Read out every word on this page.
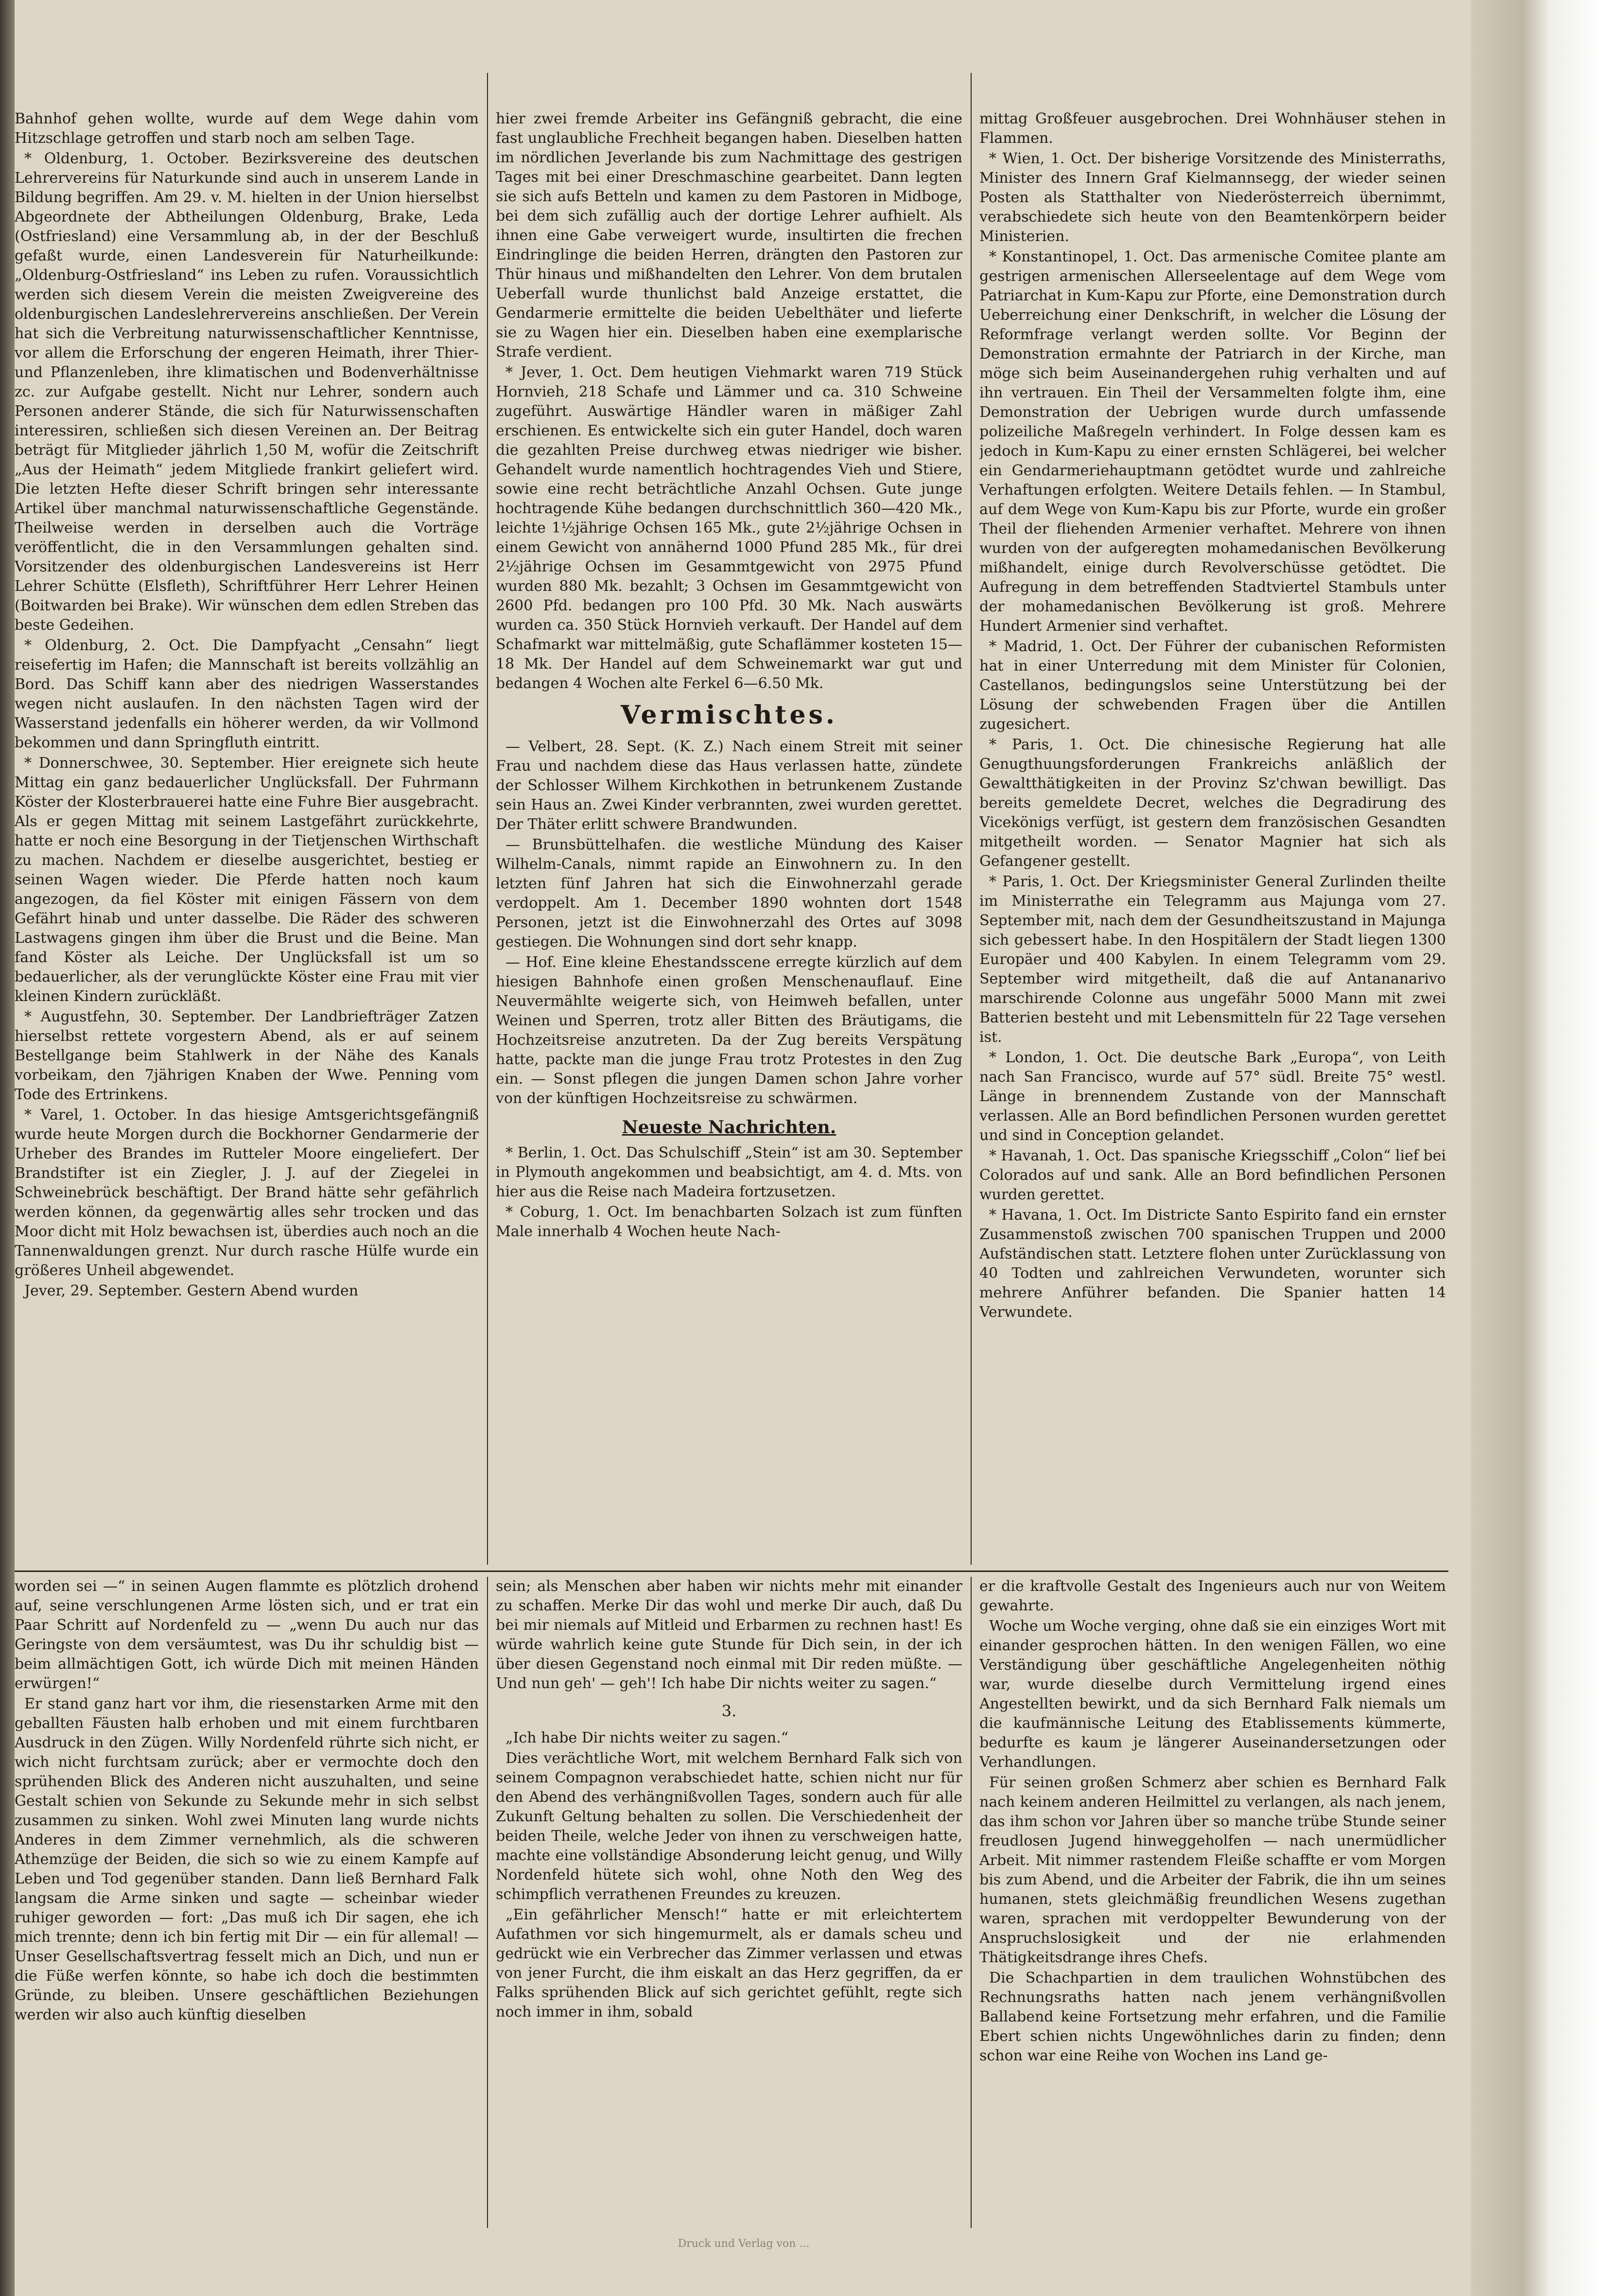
Bahnhof gehen wollte, wurde auf dem Wege dahin vom Hitzschlage getroffen und starb noch am selben Tage.

* Oldenburg, 1. October. Bezirksvereine des deutschen Lehrervereins für Naturkunde sind auch in unserem Lande in Bildung begriffen. Am 29. v. M. hielten in der Union hierselbst Abgeordnete der Abtheilungen Oldenburg, Brake, Leda (Ostfriesland) eine Versammlung ab, in der der Beschluß gefaßt wurde, einen Landesverein für Naturheilkunde: „Oldenburg-Ostfriesland“ ins Leben zu rufen. Voraussichtlich werden sich diesem Verein die meisten Zweigvereine des oldenburgischen Landeslehrervereins anschließen. Der Verein hat sich die Verbreitung naturwissenschaftlicher Kenntnisse, vor allem die Erforschung der engeren Heimath, ihrer Thier- und Pflanzenleben, ihre klimatischen und Bodenverhältnisse zc. zur Aufgabe gestellt. Nicht nur Lehrer, sondern auch Personen anderer Stände, die sich für Naturwissenschaften interessiren, schließen sich diesen Vereinen an. Der Beitrag beträgt für Mitglieder jährlich 1,50 M, wofür die Zeitschrift „Aus der Heimath“ jedem Mitgliede frankirt geliefert wird. Die letzten Hefte dieser Schrift bringen sehr interessante Artikel über manchmal naturwissenschaftliche Gegenstände. Theilweise werden in derselben auch die Vorträge veröffentlicht, die in den Versammlungen gehalten sind. Vorsitzender des oldenburgischen Landesvereins ist Herr Lehrer Schütte (Elsfleth), Schriftführer Herr Lehrer Heinen (Boitwarden bei Brake). Wir wünschen dem edlen Streben das beste Gedeihen.

* Oldenburg, 2. Oct. Die Dampfyacht „Censahn“ liegt reisefertig im Hafen; die Mannschaft ist bereits vollzählig an Bord. Das Schiff kann aber des niedrigen Wasserstandes wegen nicht auslaufen. In den nächsten Tagen wird der Wasserstand jedenfalls ein höherer werden, da wir Vollmond bekommen und dann Springfluth eintritt.

* Donnerschwee, 30. September. Hier ereignete sich heute Mittag ein ganz bedauerlicher Unglücksfall. Der Fuhrmann Köster der Klosterbrauerei hatte eine Fuhre Bier ausgebracht. Als er gegen Mittag mit seinem Lastgefährt zurückkehrte, hatte er noch eine Besorgung in der Tietjenschen Wirthschaft zu machen. Nachdem er dieselbe ausgerichtet, bestieg er seinen Wagen wieder. Die Pferde hatten noch kaum angezogen, da fiel Köster mit einigen Fässern von dem Gefährt hinab und unter dasselbe. Die Räder des schweren Lastwagens gingen ihm über die Brust und die Beine. Man fand Köster als Leiche. Der Unglücksfall ist um so bedauerlicher, als der verunglückte Köster eine Frau mit vier kleinen Kindern zurückläßt.

* Augustfehn, 30. September. Der Landbriefträger Zatzen hierselbst rettete vorgestern Abend, als er auf seinem Bestellgange beim Stahlwerk in der Nähe des Kanals vorbeikam, den 7jährigen Knaben der Wwe. Penning vom Tode des Ertrinkens.

* Varel, 1. October. In das hiesige Amtsgerichtsgefängniß wurde heute Morgen durch die Bockhorner Gendarmerie der Urheber des Brandes im Rutteler Moore eingeliefert. Der Brandstifter ist ein Ziegler, J. J. auf der Ziegelei in Schweinebrück beschäftigt. Der Brand hätte sehr gefährlich werden können, da gegenwärtig alles sehr trocken und das Moor dicht mit Holz bewachsen ist, überdies auch noch an die Tannenwaldungen grenzt. Nur durch rasche Hülfe wurde ein größeres Unheil abgewendet.

Jever, 29. September. Gestern Abend wurden

hier zwei fremde Arbeiter ins Gefängniß gebracht, die eine fast unglaubliche Frechheit begangen haben. Dieselben hatten im nördlichen Jeverlande bis zum Nachmittage des gestrigen Tages mit bei einer Dreschmaschine gearbeitet. Dann legten sie sich aufs Betteln und kamen zu dem Pastoren in Midboge, bei dem sich zufällig auch der dortige Lehrer aufhielt. Als ihnen eine Gabe verweigert wurde, insultirten die frechen Eindringlinge die beiden Herren, drängten den Pastoren zur Thür hinaus und mißhandelten den Lehrer. Von dem brutalen Ueberfall wurde thunlichst bald Anzeige erstattet, die Gendarmerie ermittelte die beiden Uebelthäter und lieferte sie zu Wagen hier ein. Dieselben haben eine exemplarische Strafe verdient.

* Jever, 1. Oct. Dem heutigen Viehmarkt waren 719 Stück Hornvieh, 218 Schafe und Lämmer und ca. 310 Schweine zugeführt. Auswärtige Händler waren in mäßiger Zahl erschienen. Es entwickelte sich ein guter Handel, doch waren die gezahlten Preise durchweg etwas niedriger wie bisher. Gehandelt wurde namentlich hochtragendes Vieh und Stiere, sowie eine recht beträchtliche Anzahl Ochsen. Gute junge hochtragende Kühe bedangen durchschnittlich 360—420 Mk., leichte 1½jährige Ochsen 165 Mk., gute 2½jährige Ochsen in einem Gewicht von annähernd 1000 Pfund 285 Mk., für drei 2½jährige Ochsen im Gesammtgewicht von 2975 Pfund wurden 880 Mk. bezahlt; 3 Ochsen im Gesammtgewicht von 2600 Pfd. bedangen pro 100 Pfd. 30 Mk. Nach auswärts wurden ca. 350 Stück Hornvieh verkauft. Der Handel auf dem Schafmarkt war mittelmäßig, gute Schaflämmer kosteten 15—18 Mk. Der Handel auf dem Schweinemarkt war gut und bedangen 4 Wochen alte Ferkel 6—6.50 Mk.

Vermischtes.

— Velbert, 28. Sept. (K. Z.) Nach einem Streit mit seiner Frau und nachdem diese das Haus verlassen hatte, zündete der Schlosser Wilhem Kirchkothen in betrunkenem Zustande sein Haus an. Zwei Kinder verbrannten, zwei wurden gerettet. Der Thäter erlitt schwere Brandwunden.

— Brunsbüttelhafen. die westliche Mündung des Kaiser Wilhelm-Canals, nimmt rapide an Einwohnern zu. In den letzten fünf Jahren hat sich die Einwohnerzahl gerade verdoppelt. Am 1. December 1890 wohnten dort 1548 Personen, jetzt ist die Einwohnerzahl des Ortes auf 3098 gestiegen. Die Wohnungen sind dort sehr knapp.

— Hof. Eine kleine Ehestandsscene erregte kürzlich auf dem hiesigen Bahnhofe einen großen Menschenauflauf. Eine Neuvermählte weigerte sich, von Heimweh befallen, unter Weinen und Sperren, trotz aller Bitten des Bräutigams, die Hochzeitsreise anzutreten. Da der Zug bereits Verspätung hatte, packte man die junge Frau trotz Protestes in den Zug ein. — Sonst pflegen die jungen Damen schon Jahre vorher von der künftigen Hochzeitsreise zu schwärmen.

Neueste Nachrichten.

* Berlin, 1. Oct. Das Schulschiff „Stein“ ist am 30. September in Plymouth angekommen und beabsichtigt, am 4. d. Mts. von hier aus die Reise nach Madeira fortzusetzen.

* Coburg, 1. Oct. Im benachbarten Solzach ist zum fünften Male innerhalb 4 Wochen heute Nach-

mittag Großfeuer ausgebrochen. Drei Wohnhäuser stehen in Flammen.

* Wien, 1. Oct. Der bisherige Vorsitzende des Ministerraths, Minister des Innern Graf Kielmannsegg, der wieder seinen Posten als Statthalter von Niederösterreich übernimmt, verabschiedete sich heute von den Beamtenkörpern beider Ministerien.

* Konstantinopel, 1. Oct. Das armenische Comitee plante am gestrigen armenischen Allerseelentage auf dem Wege vom Patriarchat in Kum-Kapu zur Pforte, eine Demonstration durch Ueberreichung einer Denkschrift, in welcher die Lösung der Reformfrage verlangt werden sollte. Vor Beginn der Demonstration ermahnte der Patriarch in der Kirche, man möge sich beim Auseinandergehen ruhig verhalten und auf ihn vertrauen. Ein Theil der Versammelten folgte ihm, eine Demonstration der Uebrigen wurde durch umfassende polizeiliche Maßregeln verhindert. In Folge dessen kam es jedoch in Kum-Kapu zu einer ernsten Schlägerei, bei welcher ein Gendarmeriehauptmann getödtet wurde und zahlreiche Verhaftungen erfolgten. Weitere Details fehlen. — In Stambul, auf dem Wege von Kum-Kapu bis zur Pforte, wurde ein großer Theil der fliehenden Armenier verhaftet. Mehrere von ihnen wurden von der aufgeregten mohamedanischen Bevölkerung mißhandelt, einige durch Revolverschüsse getödtet. Die Aufregung in dem betreffenden Stadtviertel Stambuls unter der mohamedanischen Bevölkerung ist groß. Mehrere Hundert Armenier sind verhaftet.

* Madrid, 1. Oct. Der Führer der cubanischen Reformisten hat in einer Unterredung mit dem Minister für Colonien, Castellanos, bedingungslos seine Unterstützung bei der Lösung der schwebenden Fragen über die Antillen zugesichert.

* Paris, 1. Oct. Die chinesische Regierung hat alle Genugthuungsforderungen Frankreichs anläßlich der Gewaltthätigkeiten in der Provinz Sz'chwan bewilligt. Das bereits gemeldete Decret, welches die Degradirung des Vicekönigs verfügt, ist gestern dem französischen Gesandten mitgetheilt worden. — Senator Magnier hat sich als Gefangener gestellt.

* Paris, 1. Oct. Der Kriegsminister General Zurlinden theilte im Ministerrathe ein Telegramm aus Majunga vom 27. September mit, nach dem der Gesundheitszustand in Majunga sich gebessert habe. In den Hospitälern der Stadt liegen 1300 Europäer und 400 Kabylen. In einem Telegramm vom 29. September wird mitgetheilt, daß die auf Antananarivo marschirende Colonne aus ungefähr 5000 Mann mit zwei Batterien besteht und mit Lebensmitteln für 22 Tage versehen ist.

* London, 1. Oct. Die deutsche Bark „Europa“, von Leith nach San Francisco, wurde auf 57° südl. Breite 75° westl. Länge in brennendem Zustande von der Mannschaft verlassen. Alle an Bord befindlichen Personen wurden gerettet und sind in Conception gelandet.

* Havanah, 1. Oct. Das spanische Kriegsschiff „Colon“ lief bei Colorados auf und sank. Alle an Bord befindlichen Personen wurden gerettet.

* Havana, 1. Oct. Im Districte Santo Espirito fand ein ernster Zusammenstoß zwischen 700 spanischen Truppen und 2000 Aufständischen statt. Letztere flohen unter Zurücklassung von 40 Todten und zahlreichen Verwundeten, worunter sich mehrere Anführer befanden. Die Spanier hatten 14 Verwundete.

worden sei —“ in seinen Augen flammte es plötzlich drohend auf, seine verschlungenen Arme lösten sich, und er trat ein Paar Schritt auf Nordenfeld zu — „wenn Du auch nur das Geringste von dem versäumtest, was Du ihr schuldig bist — beim allmächtigen Gott, ich würde Dich mit meinen Händen erwürgen!“

Er stand ganz hart vor ihm, die riesenstarken Arme mit den geballten Fäusten halb erhoben und mit einem furchtbaren Ausdruck in den Zügen. Willy Nordenfeld rührte sich nicht, er wich nicht furchtsam zurück; aber er vermochte doch den sprühenden Blick des Anderen nicht auszuhalten, und seine Gestalt schien von Sekunde zu Sekunde mehr in sich selbst zusammen zu sinken. Wohl zwei Minuten lang wurde nichts Anderes in dem Zimmer vernehmlich, als die schweren Athemzüge der Beiden, die sich so wie zu einem Kampfe auf Leben und Tod gegenüber standen. Dann ließ Bernhard Falk langsam die Arme sinken und sagte — scheinbar wieder ruhiger geworden — fort: „Das muß ich Dir sagen, ehe ich mich trennte; denn ich bin fertig mit Dir — ein für allemal! — Unser Gesellschaftsvertrag fesselt mich an Dich, und nun er die Füße werfen könnte, so habe ich doch die bestimmten Gründe, zu bleiben. Unsere geschäftlichen Beziehungen werden wir also auch künftig dieselben

sein; als Menschen aber haben wir nichts mehr mit einander zu schaffen. Merke Dir das wohl und merke Dir auch, daß Du bei mir niemals auf Mitleid und Erbarmen zu rechnen hast! Es würde wahrlich keine gute Stunde für Dich sein, in der ich über diesen Gegenstand noch einmal mit Dir reden müßte. — Und nun geh' — geh'! Ich habe Dir nichts weiter zu sagen.“

3.

„Ich habe Dir nichts weiter zu sagen.“

Dies verächtliche Wort, mit welchem Bernhard Falk sich von seinem Compagnon verabschiedet hatte, schien nicht nur für den Abend des verhängnißvollen Tages, sondern auch für alle Zukunft Geltung behalten zu sollen. Die Verschiedenheit der beiden Theile, welche Jeder von ihnen zu verschweigen hatte, machte eine vollständige Absonderung leicht genug, und Willy Nordenfeld hütete sich wohl, ohne Noth den Weg des schimpflich verrathenen Freundes zu kreuzen.

„Ein gefährlicher Mensch!“ hatte er mit erleichtertem Aufathmen vor sich hingemurmelt, als er damals scheu und gedrückt wie ein Verbrecher das Zimmer verlassen und etwas von jener Furcht, die ihm eiskalt an das Herz gegriffen, da er Falks sprühenden Blick auf sich gerichtet gefühlt, regte sich noch immer in ihm, sobald

er die kraftvolle Gestalt des Ingenieurs auch nur von Weitem gewahrte.

Woche um Woche verging, ohne daß sie ein einziges Wort mit einander gesprochen hätten. In den wenigen Fällen, wo eine Verständigung über geschäftliche Angelegenheiten nöthig war, wurde dieselbe durch Vermittelung irgend eines Angestellten bewirkt, und da sich Bernhard Falk niemals um die kaufmännische Leitung des Etablissements kümmerte, bedurfte es kaum je längerer Auseinandersetzungen oder Verhandlungen.

Für seinen großen Schmerz aber schien es Bernhard Falk nach keinem anderen Heilmittel zu verlangen, als nach jenem, das ihm schon vor Jahren über so manche trübe Stunde seiner freudlosen Jugend hinweggeholfen — nach unermüdlicher Arbeit. Mit nimmer rastendem Fleiße schaffte er vom Morgen bis zum Abend, und die Arbeiter der Fabrik, die ihn um seines humanen, stets gleichmäßig freundlichen Wesens zugethan waren, sprachen mit verdoppelter Bewunderung von der Anspruchslosigkeit und der nie erlahmenden Thätigkeitsdrange ihres Chefs.

Die Schachpartien in dem traulichen Wohnstübchen des Rechnungsraths hatten nach jenem verhängnißvollen Ballabend keine Fortsetzung mehr erfahren, und die Familie Ebert schien nichts Ungewöhnliches darin zu finden; denn schon war eine Reihe von Wochen ins Land ge-

Druck und Verlag von ...
